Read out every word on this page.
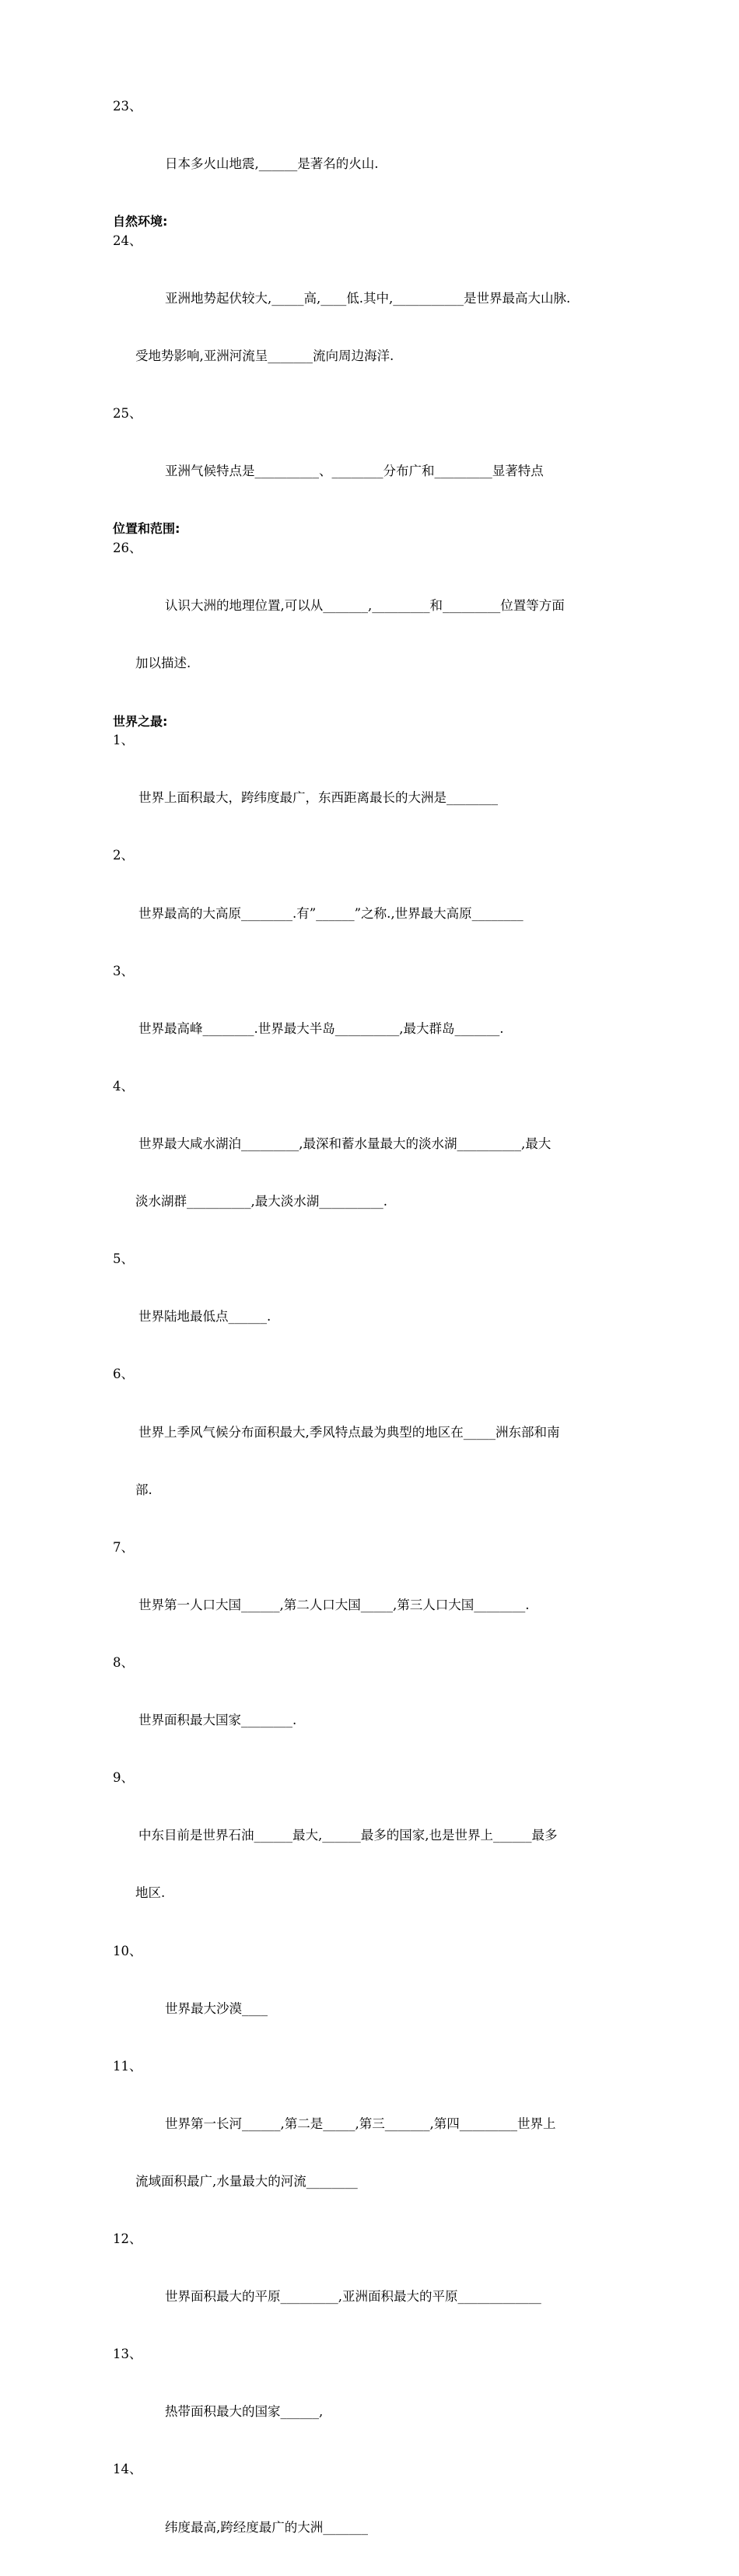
23、

日本多火山地震,______是著名的火山.

自然环境:

24、

亚洲地势起伏较大,_____高,____低.其中,___________是世界最高大山脉.

受地势影响,亚洲河流呈_______流向周边海洋.

25、

亚洲气候特点是__________、________分布广和_________显著特点

位置和范围:

26、

认识大洲的地理位置,可以从_______,_________和_________位置等方面

加以描述.

世界之最:

1、

世界上面积最大，跨纬度最广，东西距离最长的大洲是________

2、

世界最高的大高原________.有”______”之称.,世界最大高原________

3、

世界最高峰________.世界最大半岛__________,最大群岛_______.

4、

世界最大咸水湖泊_________,最深和蓄水量最大的淡水湖__________,最大

淡水湖群__________,最大淡水湖__________.

5、

世界陆地最低点______.

6、

世界上季风气候分布面积最大,季风特点最为典型的地区在_____洲东部和南

部.

7、

世界第一人口大国______,第二人口大国_____,第三人口大国________.

8、

世界面积最大国家________.

9、

中东目前是世界石油______最大,______最多的国家,也是世界上______最多

地区.

10、

世界最大沙漠____

11、

世界第一长河______,第二是_____,第三_______,第四_________世界上

流域面积最广,水量最大的河流________

12、

世界面积最大的平原_________,亚洲面积最大的平原_____________

13、

热带面积最大的国家______,

14、

纬度最高,跨经度最广的大洲_______
